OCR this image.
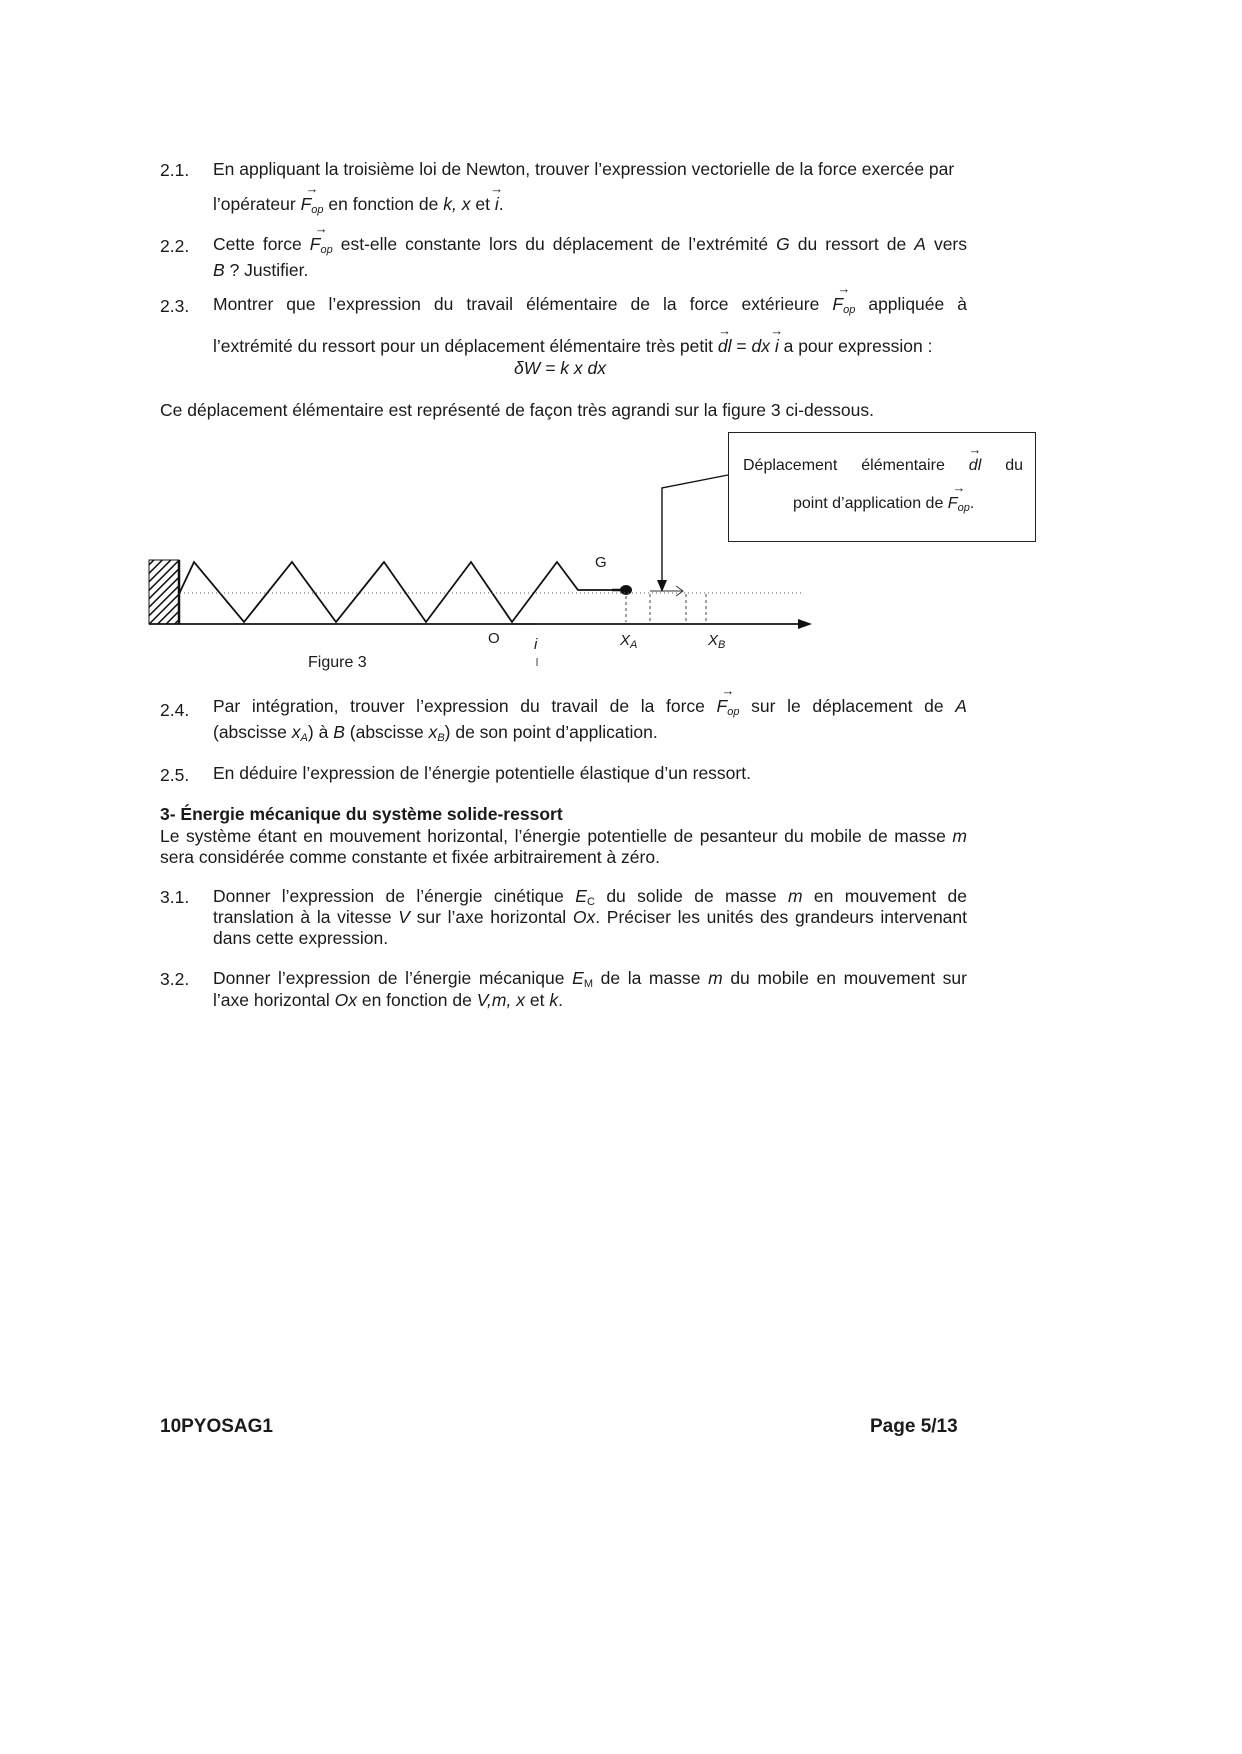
2.1. En appliquant la troisième loi de Newton, trouver l’expression vectorielle de la force exercée par
l’opérateur → $F_{op}$ en fonction de k, x et → i.
2.2. Cette force → $F_{op}$ est-elle constante lors du déplacement de l’extrémité G du ressort de A vers
B ? Justifier.
2.3. Montrer que l’expression du travail élémentaire de la force extérieure → $F_{op}$ appliquée à
l’extrémité du ressort pour un déplacement élémentaire très petit → dl = dx → i a pour expression :
δW = k x dx
Ce déplacement élémentaire est représenté de façon très agrandi sur la figure 3 ci-dessous.
G
O i	$X_A$	$X_B$
Figure 3
Déplacement élémentaire → dl du
point d’application de → $F_{op}$.
2.4. Par intégration, trouver l’expression du travail de la force → $F_{op}$ sur le déplacement de A
(abscisse $x_A$) à B (abscisse $x_B$) de son point d’application.
2.5. En déduire l’expression de l’énergie potentielle élastique d’un ressort.
3- Énergie mécanique du système solide-ressort
Le système étant en mouvement horizontal, l’énergie potentielle de pesanteur du mobile de masse m
sera considérée comme constante et fixée arbitrairement à zéro.
3.1. Donner l’expression de l’énergie cinétique $E_C$ du solide de masse m en mouvement de
translation à la vitesse V sur l’axe horizontal Ox. Préciser les unités des grandeurs intervenant
dans cette expression.
3.2. Donner l’expression de l’énergie mécanique $E_M$ de la masse m du mobile en mouvement sur
l’axe horizontal Ox en fonction de V,m, x et k.
10PYOSAG1	Page 5/13
